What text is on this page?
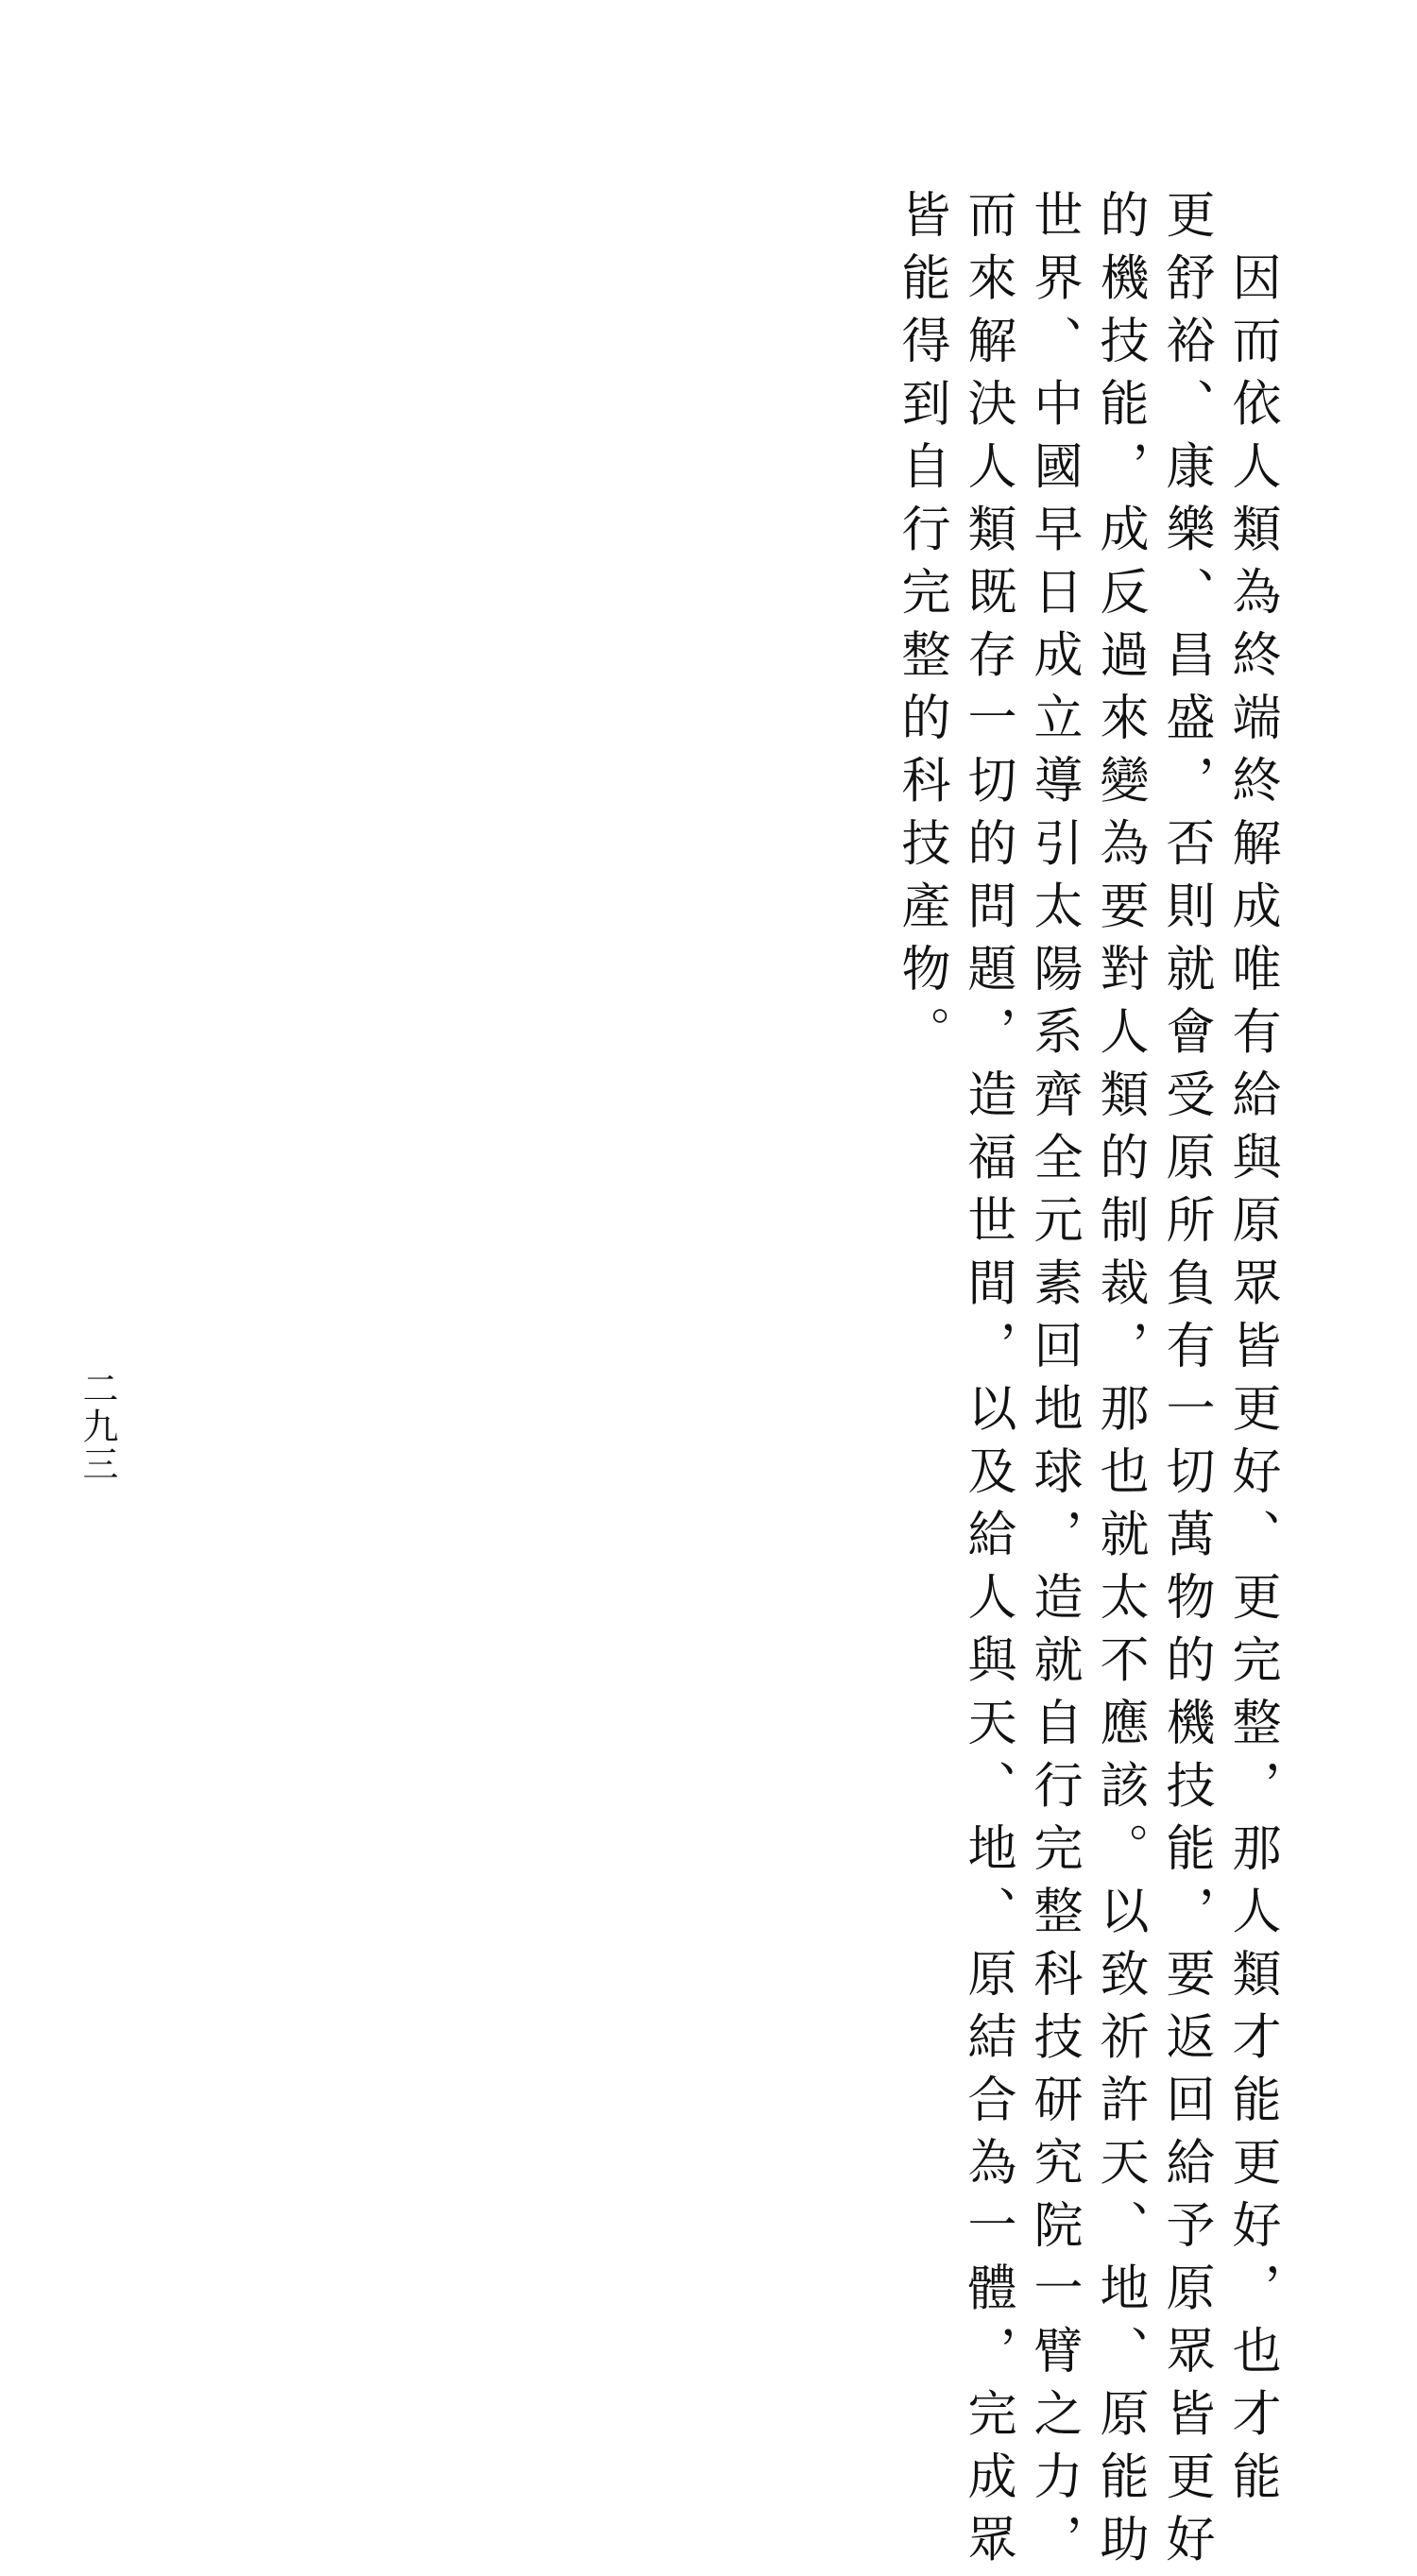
　因而依人類為終端終解成唯有給與原眾皆更好、更完整，那人類才能更好，也才能

更舒裕、康樂、昌盛，否則就會受原所負有一切萬物的機技能，要返回給予原眾皆更好

的機技能，成反過來變為要對人類的制裁，那也就太不應該。以致祈許天、地、原能助

世界、中國早日成立導引太陽系齊全元素回地球，造就自行完整科技研究院一臂之力，

而來解決人類既存一切的問題，造福世間，以及給人與天、地、原結合為一體，完成眾

皆能得到自行完整的科技產物。

二九三
